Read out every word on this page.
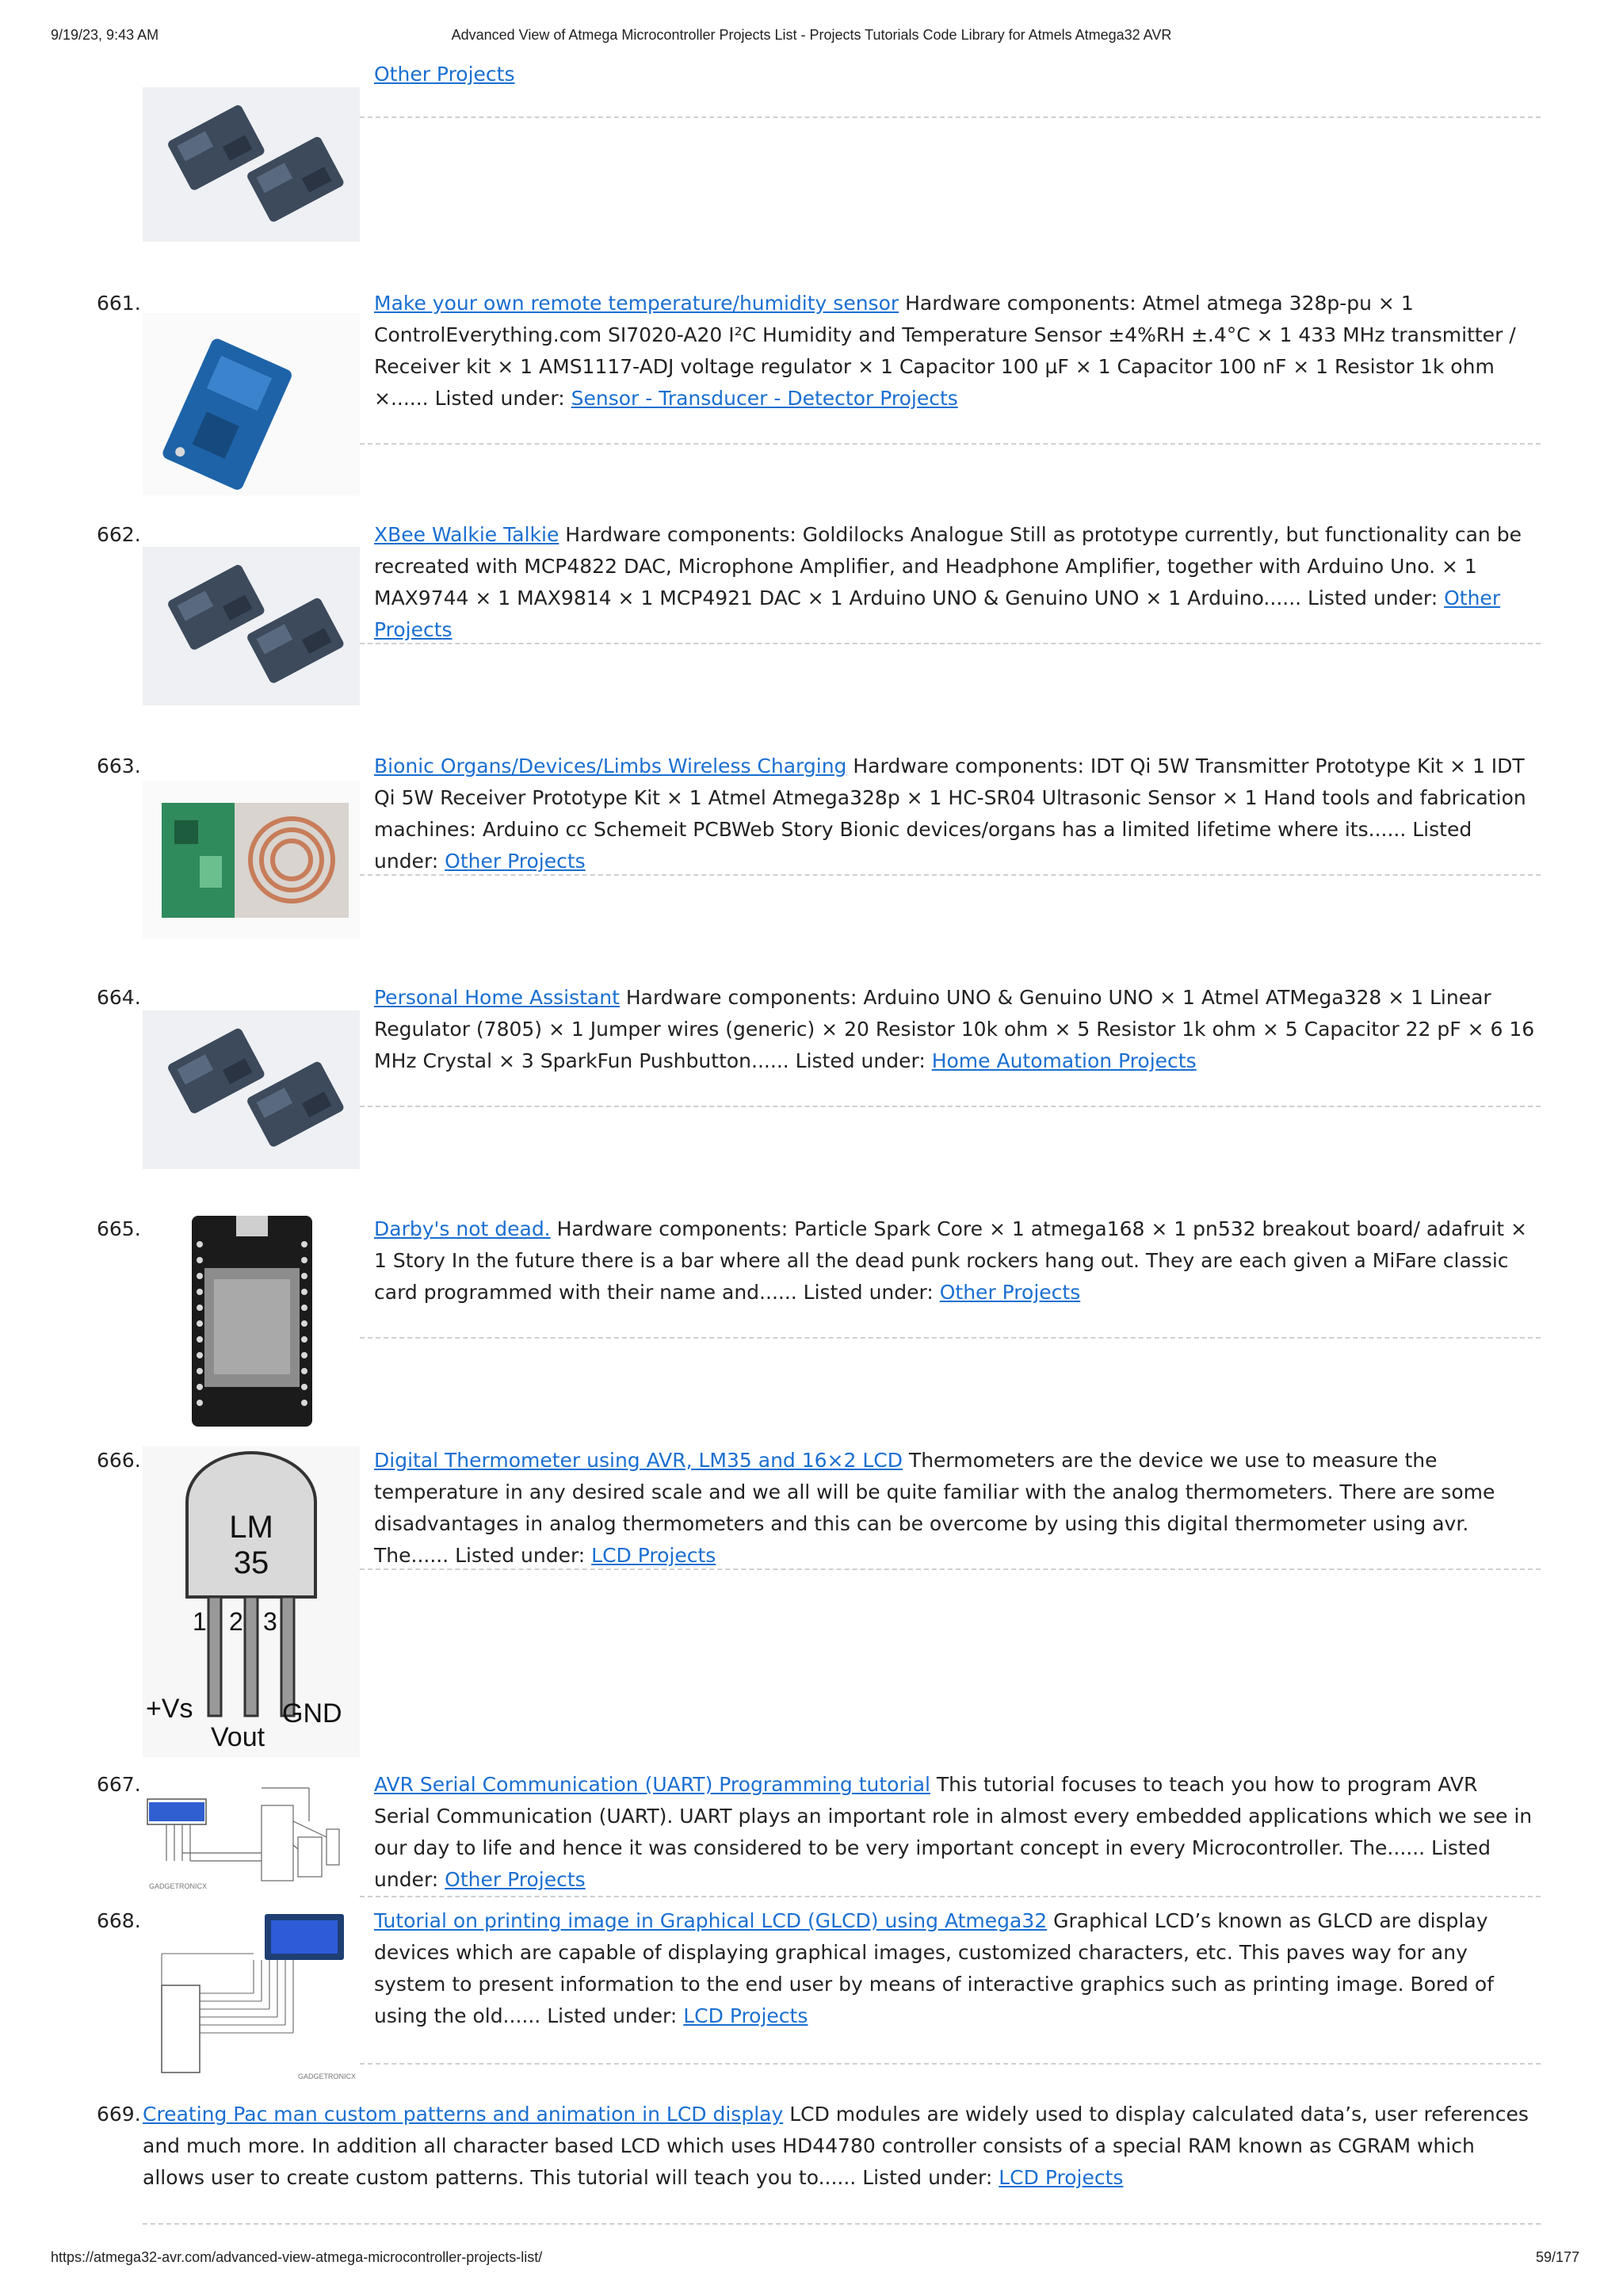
9/19/23, 9:43 AM	Advanced View of Atmega Microcontroller Projects List - Projects Tutorials Code Library for Atmels Atmega32 AVR
Other Projects
661.	Make your own remote temperature/humidity sensor Hardware components: Atmel atmega 328p-pu × 1 ControlEverything.com SI7020-A20 I²C Humidity and Temperature Sensor ±4%RH ±.4°C × 1 433 MHz transmitter / Receiver kit × 1 AMS1117-ADJ voltage regulator × 1 Capacitor 100 µF × 1 Capacitor 100 nF × 1 Resistor 1k ohm ×...... Listed under: Sensor - Transducer - Detector Projects
662.	XBee Walkie Talkie Hardware components: Goldilocks Analogue Still as prototype currently, but functionality can be recreated with MCP4822 DAC, Microphone Amplifier, and Headphone Amplifier, together with Arduino Uno. × 1 MAX9744 × 1 MAX9814 × 1 MCP4921 DAC × 1 Arduino UNO & Genuino UNO × 1 Arduino...... Listed under: Other Projects
663.	Bionic Organs/Devices/Limbs Wireless Charging Hardware components: IDT Qi 5W Transmitter Prototype Kit × 1 IDT Qi 5W Receiver Prototype Kit × 1 Atmel Atmega328p × 1 HC-SR04 Ultrasonic Sensor × 1 Hand tools and fabrication machines: Arduino cc Schemeit PCBWeb Story Bionic devices/organs has a limited lifetime where its...... Listed under: Other Projects
664.	Personal Home Assistant Hardware components: Arduino UNO & Genuino UNO × 1 Atmel ATMega328 × 1 Linear Regulator (7805) × 1 Jumper wires (generic) × 20 Resistor 10k ohm × 5 Resistor 1k ohm × 5 Capacitor 22 pF × 6 16 MHz Crystal × 3 SparkFun Pushbutton...... Listed under: Home Automation Projects
665.	Darby's not dead. Hardware components: Particle Spark Core × 1 atmega168 × 1 pn532 breakout board/ adafruit × 1 Story In the future there is a bar where all the dead punk rockers hang out. They are each given a MiFare classic card programmed with their name and...... Listed under: Other Projects
666.
LM
35
1 2 3
+Vs
Vout
GND
Digital Thermometer using AVR, LM35 and 16×2 LCD Thermometers are the device we use to measure the temperature in any desired scale and we all will be quite familiar with the analog thermometers. There are some disadvantages in analog thermometers and this can be overcome by using this digital thermometer using avr. The...... Listed under: LCD Projects
667.
GADGETRONICX
AVR Serial Communication (UART) Programming tutorial This tutorial focuses to teach you how to program AVR Serial Communication (UART). UART plays an important role in almost every embedded applications which we see in our day to life and hence it was considered to be very important concept in every Microcontroller. The...... Listed under: Other Projects
668.
GADGETRONICX
Tutorial on printing image in Graphical LCD (GLCD) using Atmega32 Graphical LCD’s known as GLCD are display devices which are capable of displaying graphical images, customized characters, etc. This paves way for any system to present information to the end user by means of interactive graphics such as printing image. Bored of using the old...... Listed under: LCD Projects
669. Creating Pac man custom patterns and animation in LCD display LCD modules are widely used to display calculated data’s, user references and much more. In addition all character based LCD which uses HD44780 controller consists of a special RAM known as CGRAM which allows user to create custom patterns. This tutorial will teach you to...... Listed under: LCD Projects
https://atmega32-avr.com/advanced-view-atmega-microcontroller-projects-list/	59/177
